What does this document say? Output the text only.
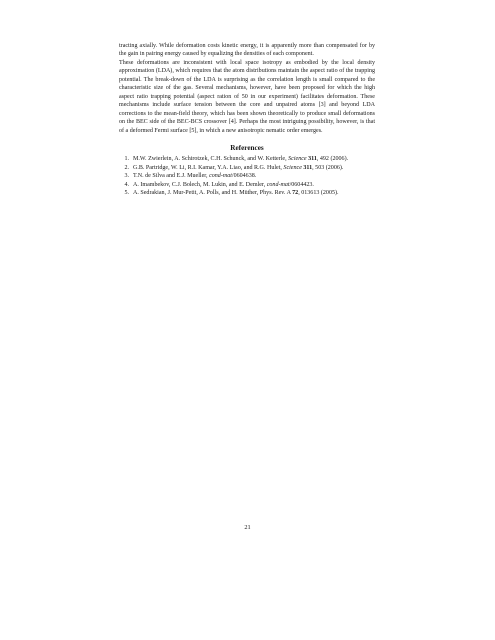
tracting axially. While deformation costs kinetic energy, it is apparently more than compensated for by the gain in pairing energy caused by equalizing the densities of each component.

These deformations are inconsistent with local space isotropy as embodied by the local density approximation (LDA), which requires that the atom distributions maintain the aspect ratio of the trapping potential. The break-down of the LDA is surprising as the correlation length is small compared to the characteristic size of the gas. Several mechanisms, however, have been proposed for which the high aspect ratio trapping potential (aspect ration of 50 in our experiment) facilitates deformation. These mechanisms include surface tension between the core and unpaired atoms [3] and beyond LDA corrections to the mean-field theory, which has been shown theoretically to produce small deformations on the BEC side of the BEC-BCS crossover [4]. Perhaps the most intriguing possibility, however, is that of a deformed Fermi surface [5], in which a new anisotropic nematic order emerges.

References
1. M.W. Zwierlein, A. Schirotzek, C.H. Schunck, and W. Ketterle, Science 311, 492 (2006).
2. G.B. Partridge, W. Li, R.I. Kamar, Y.A. Liao, and R.G. Hulet, Science 311, 503 (2006).
3. T.N. de Silva and E.J. Mueller, cond-mat/0604638.
4. A. Imambekov, C.J. Bolech, M. Lukin, and E. Demler, cond-mat/0604423.
5. A. Sedrakian, J. Mur-Petit, A. Polls, and H. Müther, Phys. Rev. A 72, 013613 (2005).
21
